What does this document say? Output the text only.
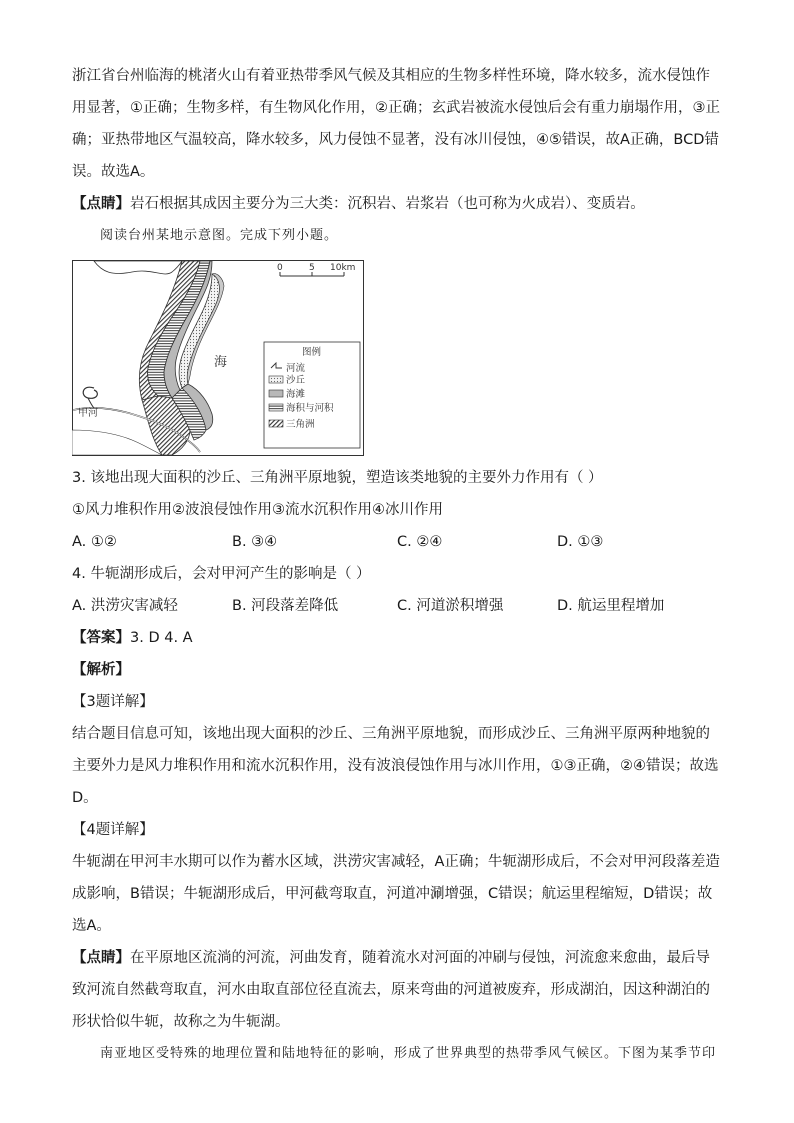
浙江省台州临海的桃渚火山有着亚热带季风气候及其相应的生物多样性环境，降水较多，流水侵蚀作用显著，①正确；生物多样，有生物风化作用，②正确；玄武岩被流水侵蚀后会有重力崩塌作用，③正确；亚热带地区气温较高，降水较多，风力侵蚀不显著，没有冰川侵蚀，④⑤错误，故A正确，BCD错误。故选A。

【点睛】岩石根据其成因主要分为三大类：沉积岩、岩浆岩（也可称为火成岩）、变质岩。

阅读台州某地示意图。完成下列小题。

0	5 10km
海
甲河
图例
河流
沙丘
海滩
海积与河积
三角洲

3. 该地出现大面积的沙丘、三角洲平原地貌，塑造该类地貌的主要外力作用有（ ）

①风力堆积作用②波浪侵蚀作用③流水沉积作用④冰川作用

A. ①②	B. ③④	C. ②④	D. ①③

4. 牛轭湖形成后，会对甲河产生的影响是（ ）

A. 洪涝灾害减轻	B. 河段落差降低	C. 河道淤积增强	D. 航运里程增加

【答案】3. D 4. A

【解析】

【3题详解】

结合题目信息可知，该地出现大面积的沙丘、三角洲平原地貌，而形成沙丘、三角洲平原两种地貌的主要外力是风力堆积作用和流水沉积作用，没有波浪侵蚀作用与冰川作用，①③正确，②④错误；故选D。

【4题详解】

牛轭湖在甲河丰水期可以作为蓄水区域，洪涝灾害减轻，A正确；牛轭湖形成后，不会对甲河段落差造成影响，B错误；牛轭湖形成后，甲河截弯取直，河道冲涮增强，C错误；航运里程缩短，D错误；故选A。

【点睛】在平原地区流淌的河流，河曲发育，随着流水对河面的冲刷与侵蚀，河流愈来愈曲，最后导致河流自然截弯取直，河水由取直部位径直流去，原来弯曲的河道被废弃，形成湖泊，因这种湖泊的形状恰似牛轭，故称之为牛轭湖。

南亚地区受特殊的地理位置和陆地特征的影响，形成了世界典型的热带季风气候区。下图为某季节印
